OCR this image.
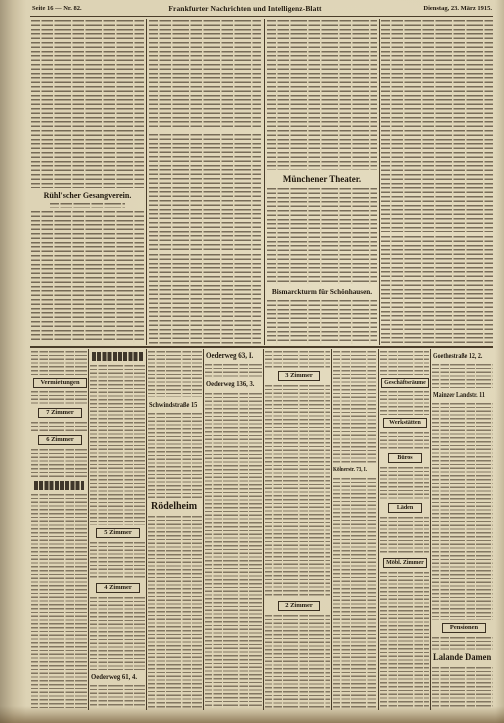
Seite 16 — Nr. 82.	Frankfurter Nachrichten und Intelligenz-Blatt	Dienstag, 23. März 1915.
Rühl'scher Gesangverein.
Münchener Theater.
Bismarckturm für Schönhausen.
Vermietungen
7 Zimmer
6 Zimmer
5 Zimmer
4 Zimmer
Oederweg 61, 4.
Schwindstraße 15
Rödelheim
Oederweg 63, I.
Oederweg 136, 3.
3 Zimmer
2 Zimmer
Kölnerstr. 73, I.
Geschäftsräume
Werkstätten
Büros
Läden
Möbl. Zimmer
Goethestraße 12, 2.
Mainzer Landstr. 11
Pensionen
Lalande Damen
